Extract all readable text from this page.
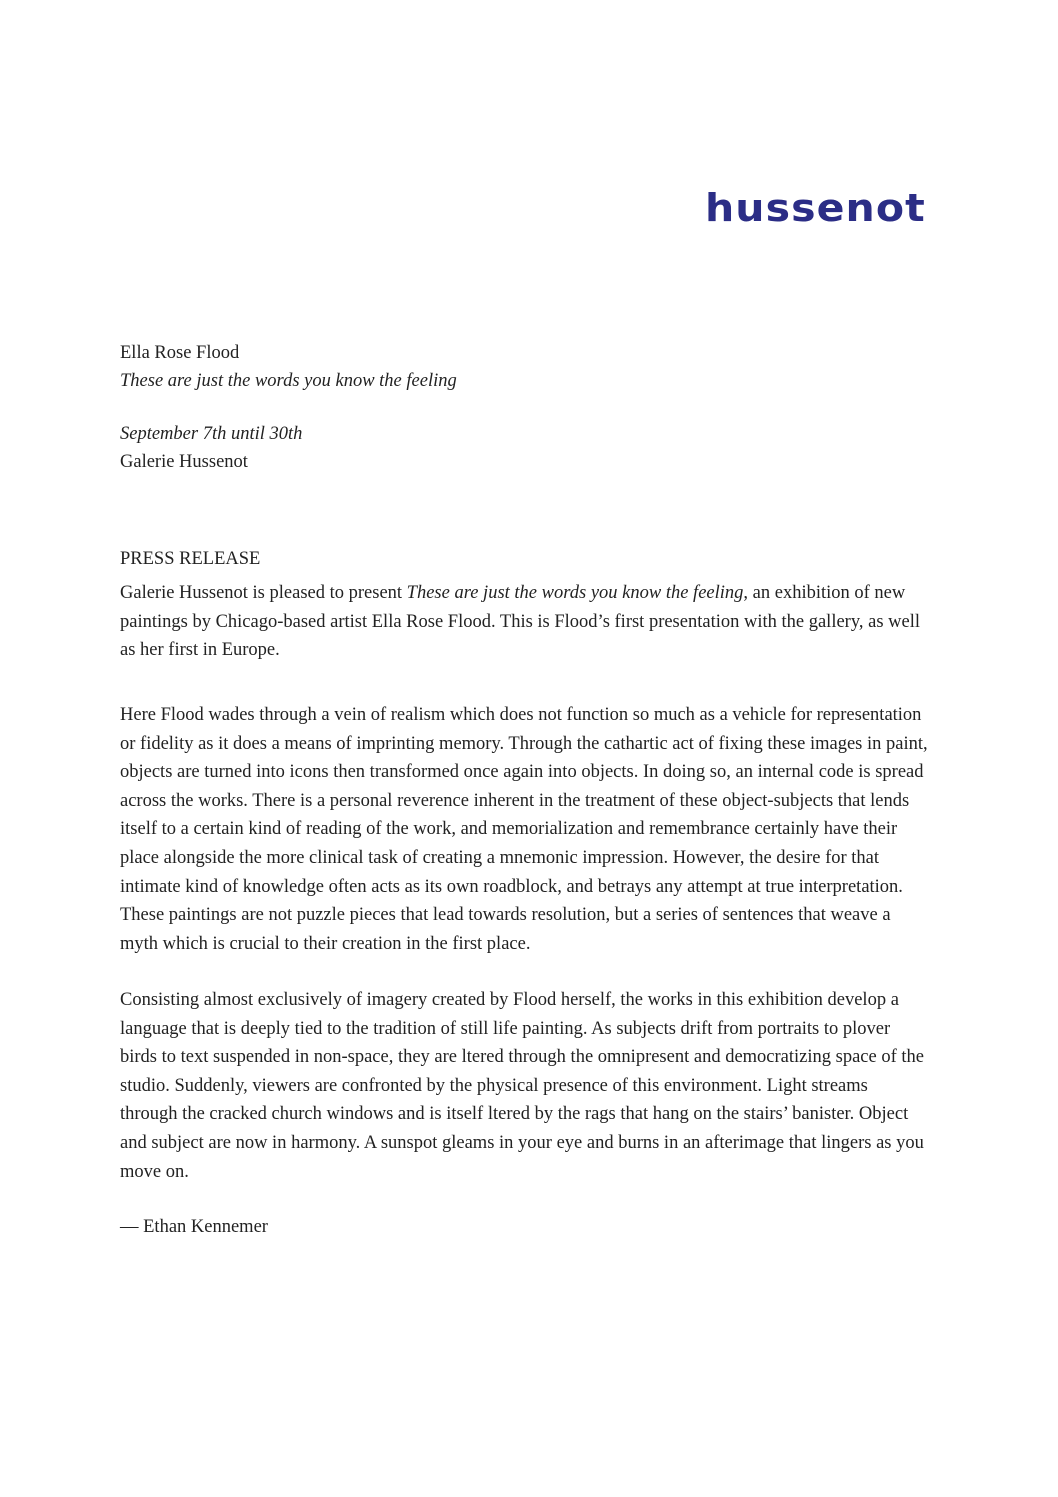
hussenot
Ella Rose Flood
These are just the words you know the feeling
September 7th until 30th
Galerie Hussenot
PRESS RELEASE

Galerie Hussenot is pleased to present These are just the words you know the feeling, an exhibition of new paintings by Chicago-based artist Ella Rose Flood. This is Flood’s first presentation with the gallery, as well as her first in Europe.

Here Flood wades through a vein of realism which does not function so much as a vehicle for representation or fidelity as it does a means of imprinting memory. Through the cathartic act of fixing these images in paint, objects are turned into icons then transformed once again into objects. In doing so, an internal code is spread across the works. There is a personal reverence inherent in the treatment of these object-subjects that lends itself to a certain kind of reading of the work, and memorialization and remembrance certainly have their place alongside the more clinical task of creating a mnemonic impression. However, the desire for that intimate kind of knowledge often acts as its own roadblock, and betrays any attempt at true interpretation. These paintings are not puzzle pieces that lead towards resolution, but a series of sentences that weave a myth which is crucial to their creation in the first place.

Consisting almost exclusively of imagery created by Flood herself, the works in this exhibition develop a language that is deeply tied to the tradition of still life painting. As subjects drift from portraits to plover birds to text suspended in non-space, they are ltered through the omnipresent and democratizing space of the studio. Suddenly, viewers are confronted by the physical presence of this environment. Light streams through the cracked church windows and is itself ltered by the rags that hang on the stairs’ banister. Object and subject are now in harmony. A sunspot gleams in your eye and burns in an afterimage that lingers as you move on.

— Ethan Kennemer
